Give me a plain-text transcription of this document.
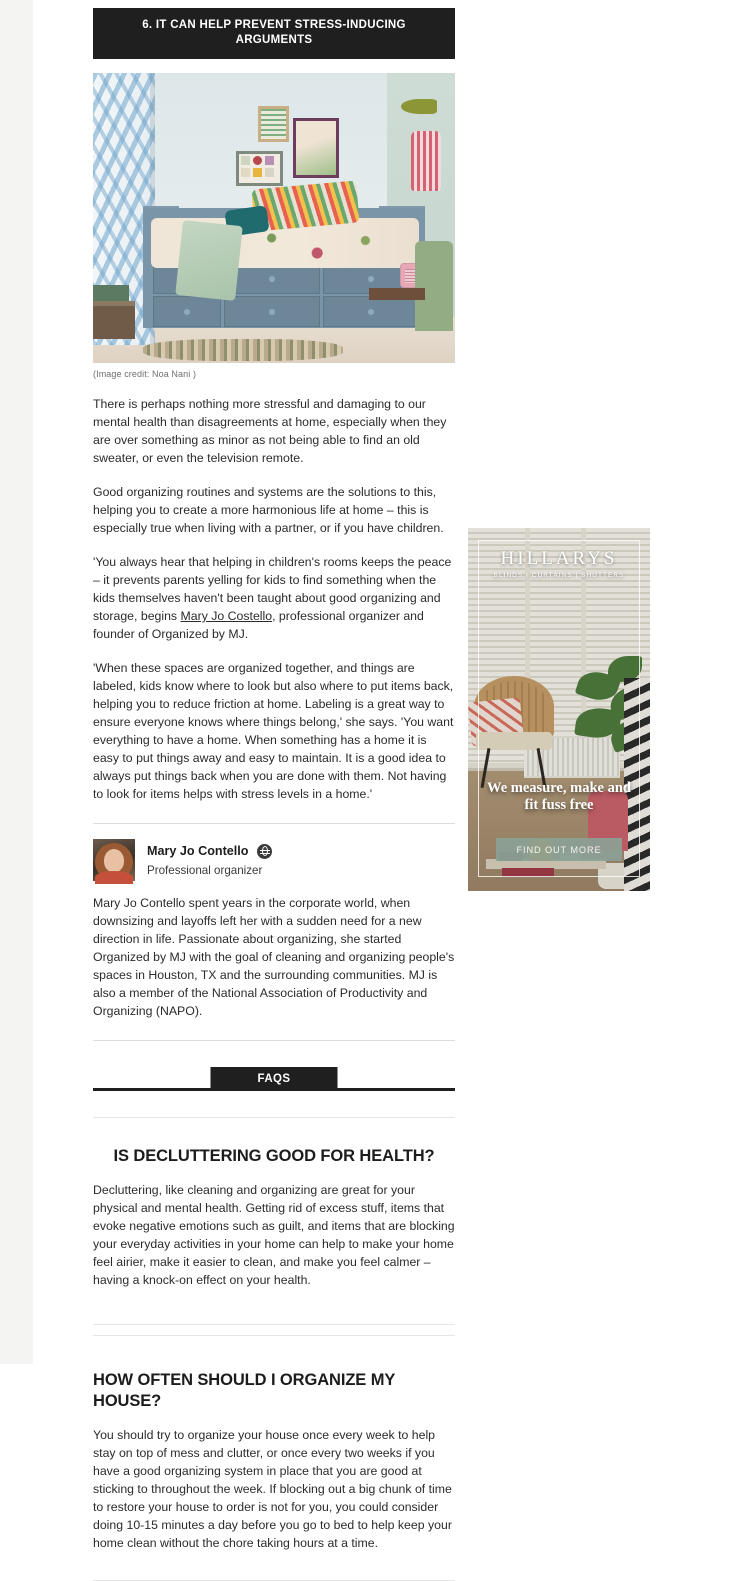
6. IT CAN HELP PREVENT STRESS-INDUCING ARGUMENTS
(Image credit: Noa Nani )

There is perhaps nothing more stressful and damaging to our mental health than disagreements at home, especially when they are over something as minor as not being able to find an old sweater, or even the television remote.

Good organizing routines and systems are the solutions to this, helping you to create a more harmonious life at home – this is especially true when living with a partner, or if you have children.

'You always hear that helping in children's rooms keeps the peace – it prevents parents yelling for kids to find something when the kids themselves haven't been taught about good organizing and storage, begins Mary Jo Costello, professional organizer and founder of Organized by MJ.

'When these spaces are organized together, and things are labeled, kids know where to look but also where to put items back, helping you to reduce friction at home. Labeling is a great way to ensure everyone knows where things belong,' she says. 'You want everything to have a home. When something has a home it is easy to put things away and easy to maintain. It is a good idea to always put things back when you are done with them. Not having to look for items helps with stress levels in a home.'

Mary Jo Contello
Professional organizer

Mary Jo Contello spent years in the corporate world, when downsizing and layoffs left her with a sudden need for a new direction in life. Passionate about organizing, she started Organized by MJ with the goal of cleaning and organizing people's spaces in Houston, TX and the surrounding communities. MJ is also a member of the National Association of Productivity and Organizing (NAPO).

FAQS
IS DECLUTTERING GOOD FOR HEALTH?

Decluttering, like cleaning and organizing are great for your physical and mental health. Getting rid of excess stuff, items that evoke negative emotions such as guilt, and items that are blocking your everyday activities in your home can help to make your home feel airier, make it easier to clean, and make you feel calmer – having a knock-on effect on your health.

HOW OFTEN SHOULD I ORGANIZE MY HOUSE?

You should try to organize your house once every week to help stay on top of mess and clutter, or once every two weeks if you have a good organizing system in place that you are good at sticking to throughout the week. If blocking out a big chunk of time to restore your house to order is not for you, you could consider doing 10-15 minutes a day before you go to bed to help keep your home clean without the chore taking hours at a time.

HILLARYS
BLINDS | CURTAINS | SHUTTERS
We measure, make and fit fuss free
FIND OUT MORE
